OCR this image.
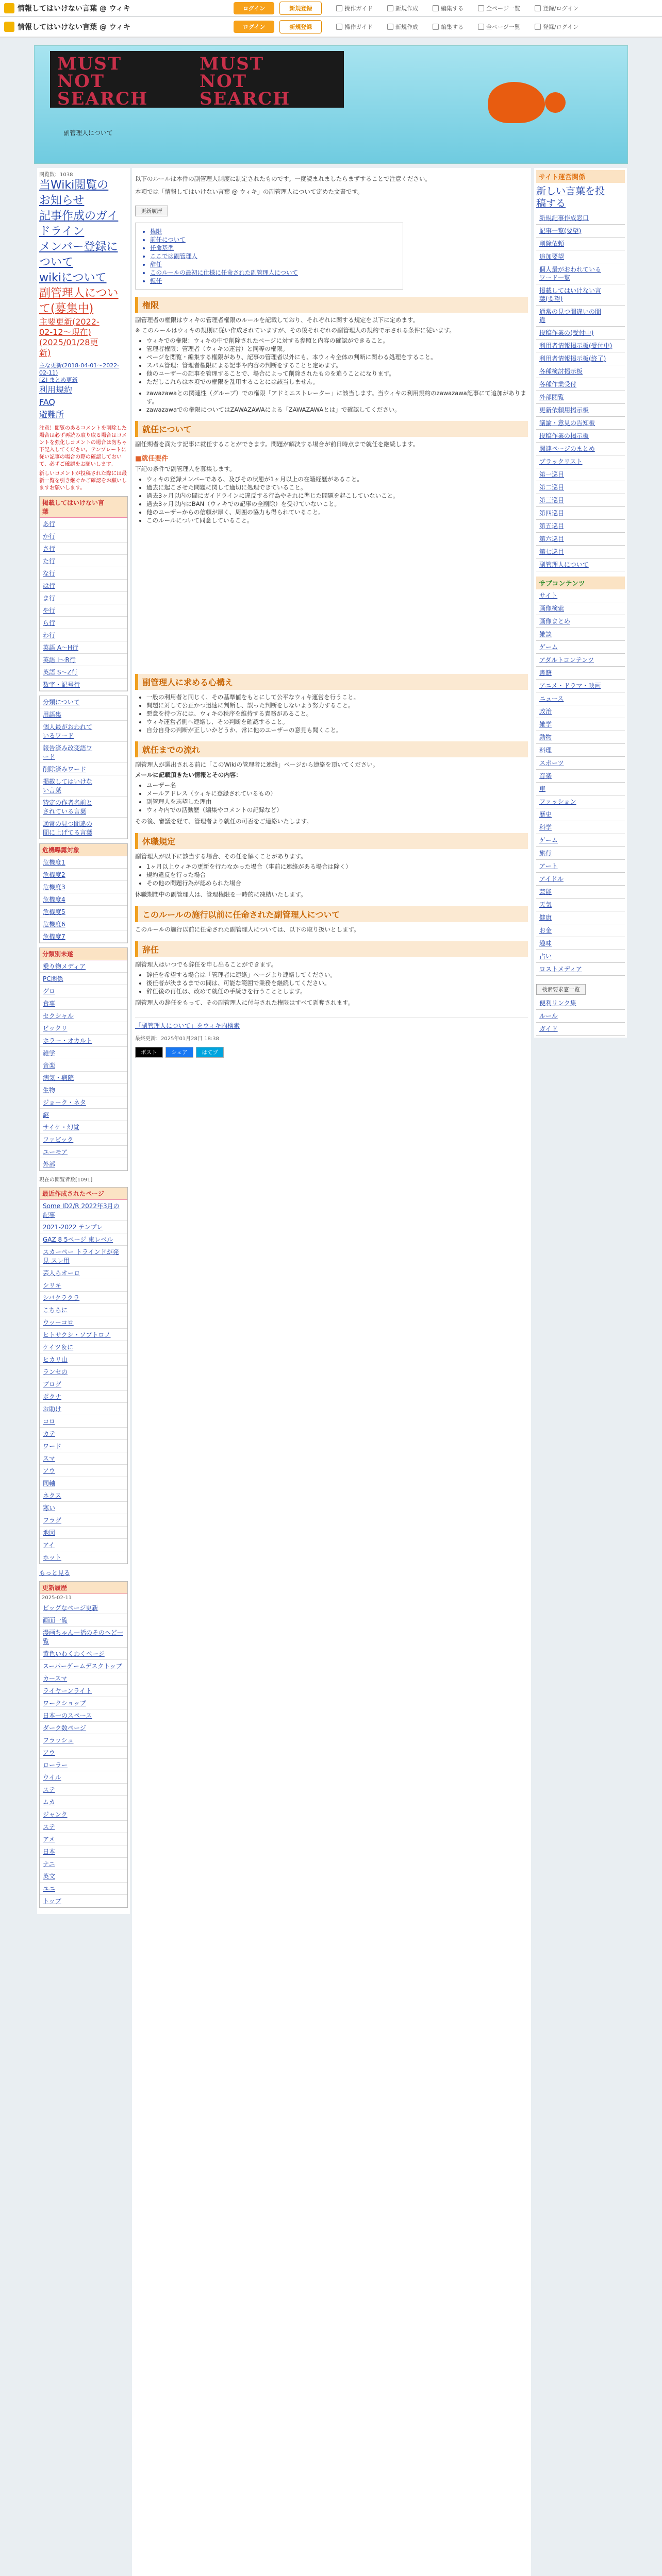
情報してはいけない言葉 @ ウィキ	ログイン	新規登録	操作ガイド	新規作成	編集する	全ページ一覧	登録/ログイン
情報してはいけない言葉 @ ウィキ	ログイン	新規登録	操作ガイド	新規作成	編集する	全ページ一覧	登録/ログイン
MUST
NOT
SEARCH
MUST
NOT
SEARCH
副管理人について
閲覧数：1038
当Wiki閲覧の
お知らせ
記事作成のガイ
ドライン
メンバー登録に
ついて
wikiについて
副管理人につい
て(募集中)
主要更新(2022-
02-12～現在)
(2025/01/28更
新)
主な更新(2018-04-01～2022-02-11)
[Z] まとめ更新
利用規約
FAQ
避難所
注意！閲覧のあるコメントを削除した場合は必ず再読み取り取る場合はコメントを強化しコメントの場合は勿ちゃ下記入してください。テンプレートに従い記事の場合の際の確認しておいて、必ずご確認をお願いします。
新しいコメントが投稿された際には最新一覧を引き継ぐかご確認をお願いしますお願いします。
掲載してはいけない言
葉
あ行
か行
さ行
た行
な行
は行
ま行
や行
ら行
わ行
英語 A〜H行
英語 I〜R行
英語 S〜Z行
数字・記号行
分類について
用語集
個人最がおわれて
いるワード
報告済み改変語ワ
ード
削除済みワード
掲載してはいけな
い言葉
特定の作者名前と
されている言葉
通常の見つ間違の
間に上げてる言葉
危機曝露対象
危機度1
危機度2
危機度3
危機度4
危機度5
危機度6
危機度7
分類別未遂
乗り物メディア
PC関係
グロ
食事
セクシャル
ビックリ
ホラー・オカルト
雑学
音楽
病気・病院
生物
ジョーク・ネタ
謎
サイケ・幻覚
ファビック
ユーモア
外部
現在の閲覧者数[1091]
最近作成されたページ
Some ID2/R 2022年3月の記事
2021-2022 テンプレ
GAZ 8 5ページ 東レベル
スカーペー トラインドが発見 スレ用
芸人らオーロ
シリキ
シバクラクラ
こちらに
ウッーコロ
ヒトサクシ・ソプトロノ
ケイツ＆に
ヒカリ山
ランセの
ブログ
ポクナ
お助け
コロ
カテ
ワード
スマ
アウ
同軸
ネクス
寒い
フラグ
地図
アイ
ホット
もっと見る
更新履歴
2025-02-11
ビッグなページ更新
画面一覧
漫画ちゃん一括のそのへど一覧
黄色いわくわくページ
スーパーゲームデスクトップ
カースマ
ライヤーンライト
ワークショップ
日本一のスペース
ダーク数ページ
フラッシュ
アウ
ローラー
ウイル
ステ
ムカ
ジャンク
ステ
アメ
日本
ナニ
英文
ユニ
トップ
以下のルールは本件の副管理人制度に制定されたものです。一度読まれましたらまずすることで注意ください。
本項では「情報してはいけない言葉 @ ウィキ」の副管理人について定めた文書です。
更新履歴
• 権限
• 前任について
• 任命基準
• ここでは副管理人
• 辞任
• このルールの最初に仕様に任命された副管理人について
• 転任
権限
副管理者の権限はウィキの管理者権限のルールを記載しており、それぞれに関する規定を以下に定めます。
※ このルールはウィキの規則に従い作成されていますが、その後それぞれの副管理人の規約で示される条件に従います。
• ウィキでの権限：ウィキの中で削除されたページに対する参照と内容の確認ができること。
• 管理者権限：管理者（ウィキの運営）と同等の権限。
• ページを閲覧・編集する権限があり、記事の管理者以外にも、本ウィキ全体の判断に関わる処理をすること。
• スパム管理：管理者権限による記事や内容の判断をすることと定めます。
• 他のユーザーの記事を管理することで、場合によって削除されたものを追うことになります。
• ただしこれらは本項での権限を乱用することには該当しません。
• zawazawaとの関連性（グループ）での権限「アドミニストレーター」に該当します。当ウィキの利用規約のzawazawa記事にて追加があります。
• zawazawaでの権限についてはZAWAZAWAによる「ZAWAZAWAとは」で確認してください。
就任について
副任期者を満たす記事に就任することができます。問題が解決する場合が前日時点まで就任を継続します。
■就任要件
下記の条件で副管理人を募集します。
• ウィキの登録メンバーである、及びその状態が1ヶ月以上の在籍経歴があること。
• 過去に起こさせた問題に関して適切に処理できていること。
• 過去3ヶ月以内の間にガイドラインに違反する行為やそれに準じた問題を起こしていないこと。
• 過去3ヶ月以内にBAN（ウィキでの記事の全削除）を受けていないこと。
• 他のユーザーからの信頼が厚く、周囲の協力も得られていること。
• このルールについて同意していること。
副管理人に求める心構え
• 一般の利用者と同じく、その基準値をもとにして公平なウィキ運営を行うこと。
• 問題に対して公正かつ迅速に判断し、誤った判断をしないよう努力すること。
• 悪意を持つ方には、ウィキの秩序を維持する責務があること。
• ウィキ運営者側へ連絡し、その判断を確認すること。
• 自分自身の判断が正しいかどうか、常に他のユーザーの意見も聞くこと。
就任までの流れ
副管理人が選出される前に「このWikiの管理者に連絡」ページから連絡を頂いてください。
メールに記載頂きたい情報とその内容：
• ユーザー名
• メールアドレス（ウィキに登録されているもの）
• 副管理人を志望した理由
• ウィキ内での活動歴（編集やコメントの記録など）
その後、審議を経て、管理者より就任の可否をご連絡いたします。
休職規定
副管理人が以下に該当する場合、その任を解くことがあります。
• 1ヶ月以上ウィキの更新を行わなかった場合（事前に連絡がある場合は除く）
• 規約違反を行った場合
• その他の問題行為が認められた場合
休職期間中の副管理人は、管理権限を一時的に凍結いたします。
このルールの施行以前に任命された副管理人について
このルールの施行以前に任命された副管理人については、以下の取り扱いとします。
辞任
副管理人はいつでも辞任を申し出ることができます。
• 辞任を希望する場合は「管理者に連絡」ページより連絡してください。
• 後任者が決まるまでの間は、可能な範囲で業務を継続してください。
• 辞任後の再任は、改めて就任の手続きを行うこととします。
副管理人の辞任をもって、その副管理人に付与された権限はすべて剥奪されます。
「副管理人について」をウィキ内検索
最終更新：2025年01月28日 18:38
ポスト	シェア	はてブ
サイト運営関係
新しい言葉を投
稿する
新規記事作成窓口
記事一覧(要望)
削除依頼
追加要望
個人最がおわれている
ワード一覧
掲載してはいけない言
葉(要望)
通常の見つ間違いの間
違
投稿作業の(受付中)
利用者情報掲示板(受付中)
利用者情報掲示板(終了)
各種検討掲示板
各種作業受付
外部閲覧
更新依頼用掲示板
議論・意見の告知板
投稿作業の掲示板
関連ページのまとめ
ブラックリスト
第一巡目
第二巡目
第三巡目
第四巡目
第五巡目
第六巡目
第七巡目
副管理人について
サブコンテンツ
サイト
画像検索
画像まとめ
雑談
ゲーム
アダルトコンテンツ
書籍
アニメ・ドラマ・映画
ニュース
政治
雑学
動物
料理
スポーツ
音楽
車
ファッション
歴史
科学
ゲーム
旅行
アート
アイドル
芸能
天気
健康
お金
趣味
占い
ロストメディア
検索要求窓一覧
便利リンク集
ルール
ガイド
